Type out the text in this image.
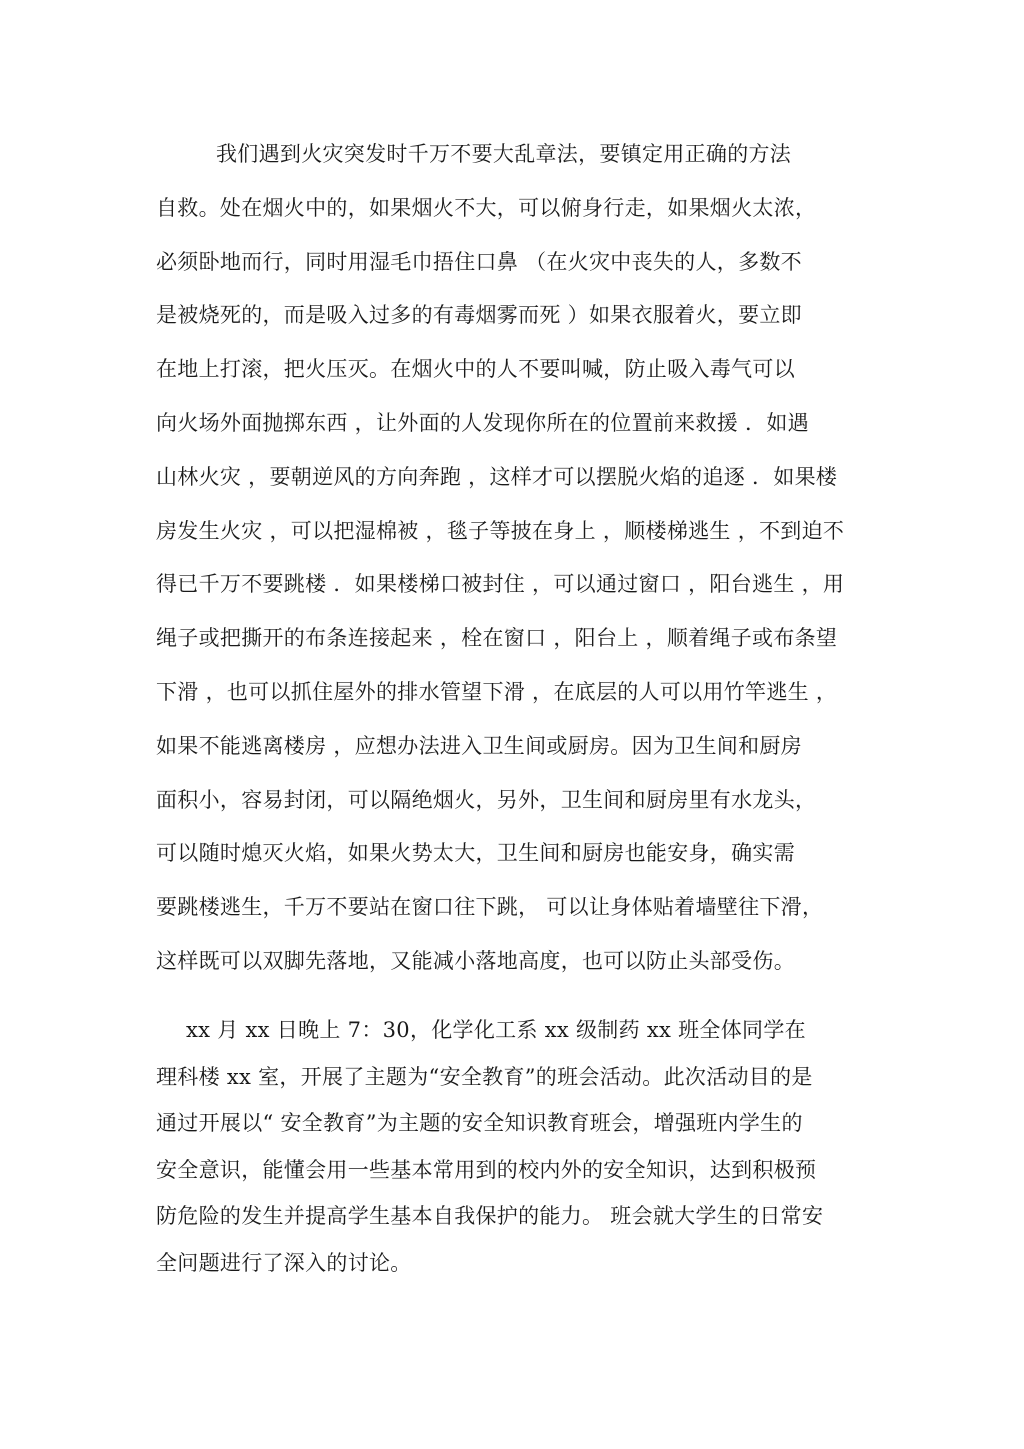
我们遇到火灾突发时千万不要大乱章法，要镇定用正确的方法
自救。处在烟火中的，如果烟火不大，可以俯身行走，如果烟火太浓，
必须卧地而行，同时用湿毛巾捂住口鼻 （在火灾中丧失的人，多数不
是被烧死的，而是吸入过多的有毒烟雾而死 ）如果衣服着火，要立即
在地上打滚，把火压灭。在烟火中的人不要叫喊，防止吸入毒气可以
向火场外面抛掷东西 ，让外面的人发现你所在的位置前来救援 ．如遇
山林火灾 ，要朝逆风的方向奔跑 ，这样才可以摆脱火焰的追逐 ．如果楼
房发生火灾 ，可以把湿棉被 ，毯子等披在身上 ，顺楼梯逃生 ，不到迫不
得已千万不要跳楼 ．如果楼梯口被封住 ，可以通过窗口 ，阳台逃生 ，用
绳子或把撕开的布条连接起来 ，栓在窗口 ，阳台上 ，顺着绳子或布条望
下滑 ，也可以抓住屋外的排水管望下滑 ，在底层的人可以用竹竿逃生 ，
如果不能逃离楼房 ，应想办法进入卫生间或厨房。因为卫生间和厨房
面积小，容易封闭，可以隔绝烟火，另外，卫生间和厨房里有水龙头，
可以随时熄灭火焰，如果火势太大，卫生间和厨房也能安身，确实需
要跳楼逃生，千万不要站在窗口往下跳， 可以让身体贴着墙壁往下滑，
这样既可以双脚先落地，又能减小落地高度，也可以防止头部受伤。
xx 月 xx 日晚上 7：30，化学化工系 xx 级制药 xx 班全体同学在
理科楼 xx 室，开展了主题为“安全教育”的班会活动。此次活动目的是
通过开展以“ 安全教育”为主题的安全知识教育班会，增强班内学生的
安全意识，能懂会用一些基本常用到的校内外的安全知识，达到积极预
防危险的发生并提高学生基本自我保护的能力。 班会就大学生的日常安
全问题进行了深入的讨论。
